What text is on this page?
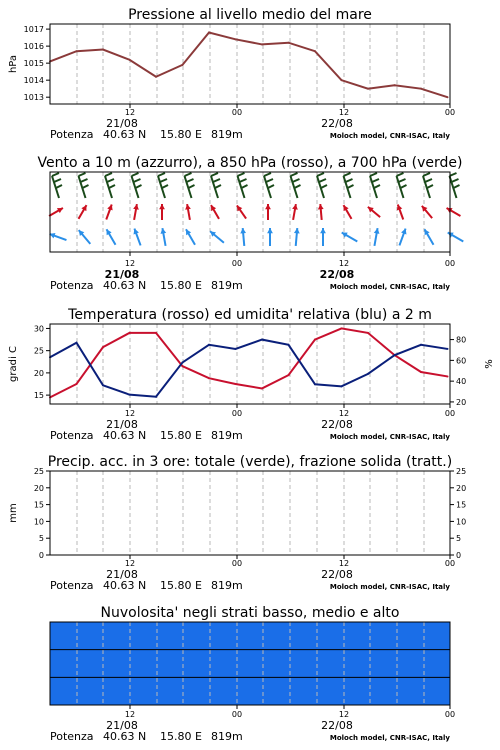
Pressione al livello medio del mare
1013
1014
1015
1016
1017
hPa
12	00	12	00
21/08	22/08
Potenza 40.63 N 15.80 E 819m	Moloch model, CNR-ISAC, Italy
Vento a 10 m (azzurro), a 850 hPa (rosso), a 700 hPa (verde)
12	00	12	00
21/08	22/08
Potenza 40.63 N 15.80 E 819m	Moloch model, CNR-ISAC, Italy
Temperatura (rosso) ed umidita' relativa (blu) a 2 m
15
20
25
30
20
40
60
80
gradi C	%
12	00	12	00
21/08	22/08
Potenza 40.63 N 15.80 E 819m	Moloch model, CNR-ISAC, Italy
Precip. acc. in 3 ore: totale (verde), frazione solida (tratt.)
0
5
10
15
20
25
0
5
10
15
20
25
mm
12	00	12	00
21/08	22/08
Potenza 40.63 N 15.80 E 819m	Moloch model, CNR-ISAC, Italy
Nuvolosita' negli strati basso, medio e alto
12	00	12	00
21/08	22/08
Potenza 40.63 N 15.80 E 819m	Moloch model, CNR-ISAC, Italy
